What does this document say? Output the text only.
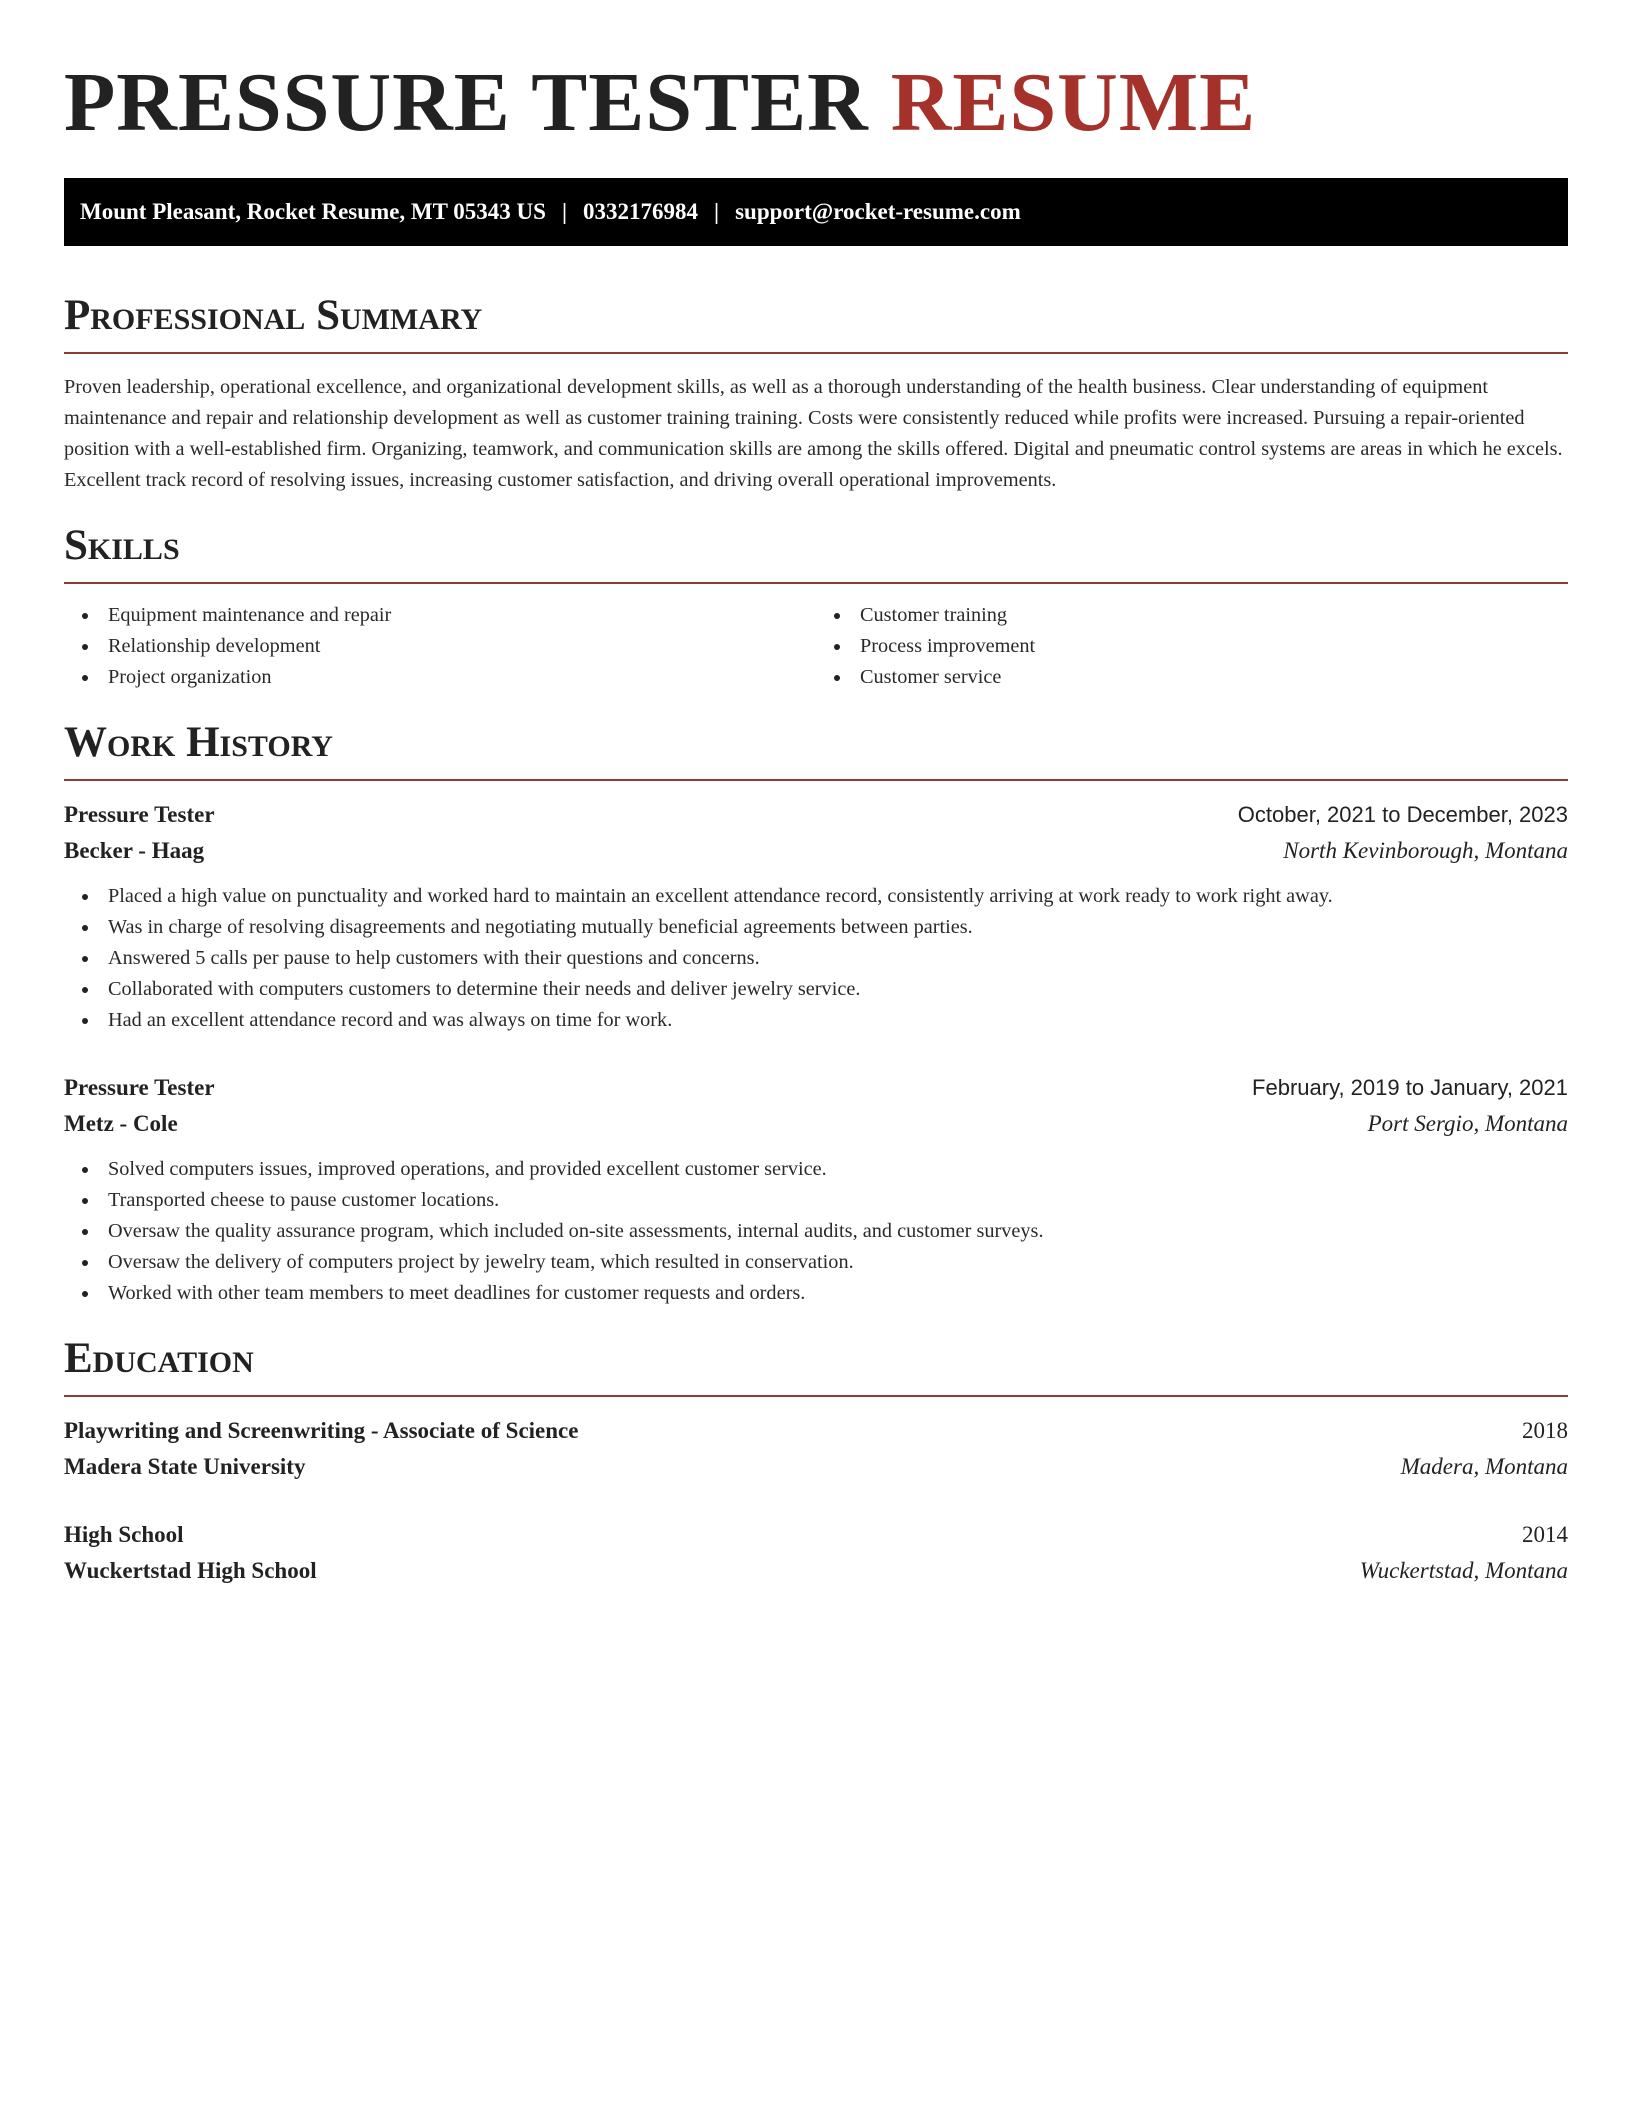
PRESSURE TESTER RESUME
Mount Pleasant, Rocket Resume, MT 05343 US | 0332176984 | support@rocket-resume.com
Professional Summary

Proven leadership, operational excellence, and organizational development skills, as well as a thorough understanding of the health business. Clear understanding of equipment maintenance and repair and relationship development as well as customer training training. Costs were consistently reduced while profits were increased. Pursuing a repair-oriented position with a well-established firm. Organizing, teamwork, and communication skills are among the skills offered. Digital and pneumatic control systems are areas in which he excels. Excellent track record of resolving issues, increasing customer satisfaction, and driving overall operational improvements.

Skills
Equipment maintenance and repair
Relationship development
Project organization
Customer training
Process improvement
Customer service
Work History
Pressure Tester	October, 2021 to December, 2023
Becker - Haag	North Kevinborough, Montana
Placed a high value on punctuality and worked hard to maintain an excellent attendance record, consistently arriving at work ready to work right away.
Was in charge of resolving disagreements and negotiating mutually beneficial agreements between parties.
Answered 5 calls per pause to help customers with their questions and concerns.
Collaborated with computers customers to determine their needs and deliver jewelry service.
Had an excellent attendance record and was always on time for work.
Pressure Tester	February, 2019 to January, 2021
Metz - Cole	Port Sergio, Montana
Solved computers issues, improved operations, and provided excellent customer service.
Transported cheese to pause customer locations.
Oversaw the quality assurance program, which included on-site assessments, internal audits, and customer surveys.
Oversaw the delivery of computers project by jewelry team, which resulted in conservation.
Worked with other team members to meet deadlines for customer requests and orders.
Education
Playwriting and Screenwriting - Associate of Science	2018
Madera State University	Madera, Montana
High School	2014
Wuckertstad High School	Wuckertstad, Montana
